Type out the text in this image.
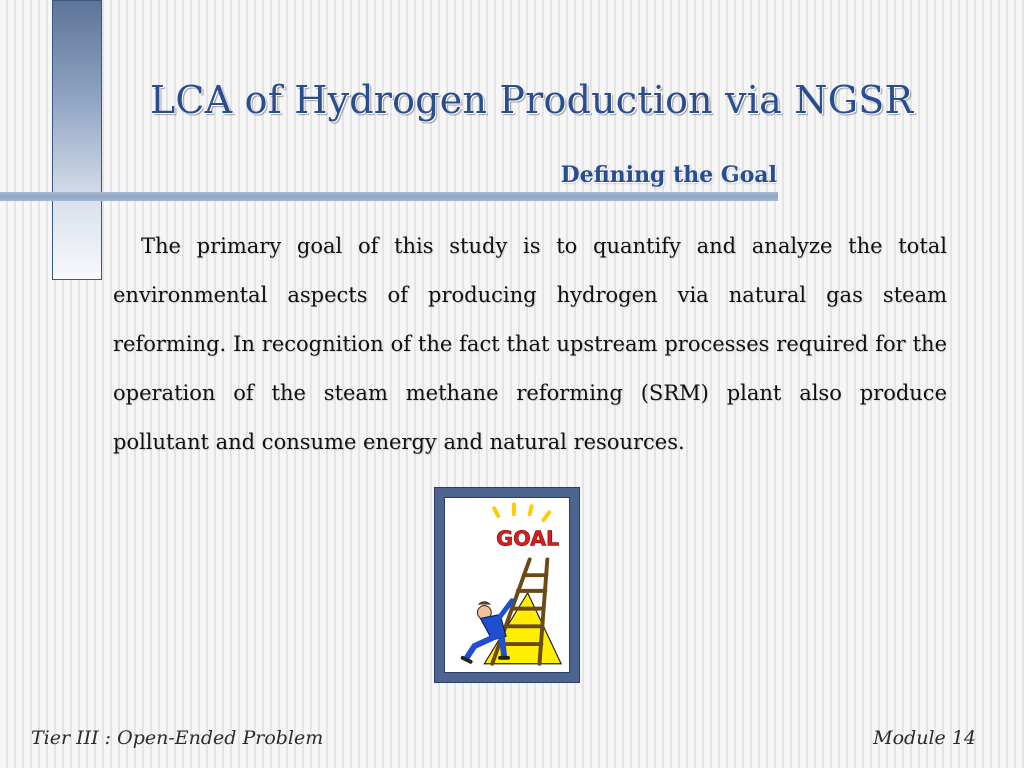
LCA of Hydrogen Production via NGSR
Defining the Goal

The primary goal of this study is to quantify and analyze the total environmental aspects of producing hydrogen via natural gas steam reforming. In recognition of the fact that upstream processes required for the operation of the steam methane reforming (SRM) plant also produce pollutant and consume energy and natural resources.

GOAL
Tier III : Open-Ended Problem	Module 14
